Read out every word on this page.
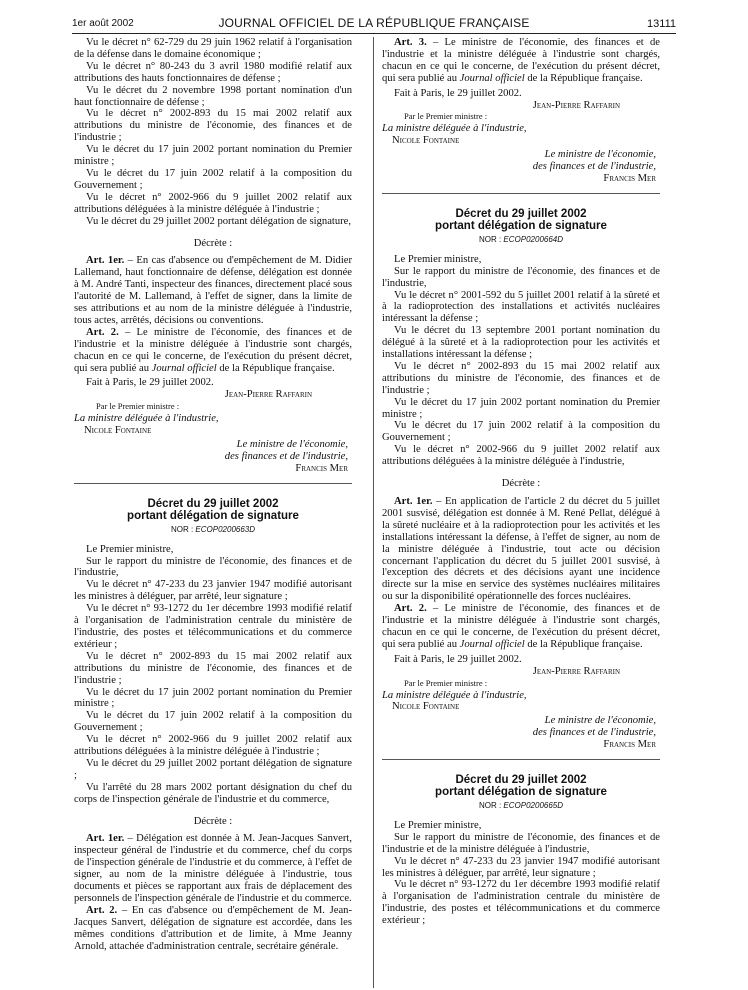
1er août 2002	JOURNAL OFFICIEL DE LA RÉPUBLIQUE FRANÇAISE	13111

Vu le décret n° 62-729 du 29 juin 1962 relatif à l'organisation de la défense dans le domaine économique ;

Vu le décret n° 80-243 du 3 avril 1980 modifié relatif aux attributions des hauts fonctionnaires de défense ;

Vu le décret du 2 novembre 1998 portant nomination d'un haut fonctionnaire de défense ;

Vu le décret n° 2002-893 du 15 mai 2002 relatif aux attributions du ministre de l'économie, des finances et de l'industrie ;

Vu le décret du 17 juin 2002 portant nomination du Premier ministre ;

Vu le décret du 17 juin 2002 relatif à la composition du Gouvernement ;

Vu le décret n° 2002-966 du 9 juillet 2002 relatif aux attributions déléguées à la ministre déléguée à l'industrie ;

Vu le décret du 29 juillet 2002 portant délégation de signature,

Décrète :

Art. 1er. – En cas d'absence ou d'empêchement de M. Didier Lallemand, haut fonctionnaire de défense, délégation est donnée à M. André Tanti, inspecteur des finances, directement placé sous l'autorité de M. Lallemand, à l'effet de signer, dans la limite de ses attributions et au nom de la ministre déléguée à l'industrie, tous actes, arrêtés, décisions ou conventions.

Art. 2. – Le ministre de l'économie, des finances et de l'industrie et la ministre déléguée à l'industrie sont chargés, chacun en ce qui le concerne, de l'exécution du présent décret, qui sera publié au Journal officiel de la République française.

Fait à Paris, le 29 juillet 2002.

Jean-Pierre Raffarin

Par le Premier ministre :

La ministre déléguée à l'industrie,

Nicole Fontaine

Le ministre de l'économie,
des finances et de l'industrie,
Francis Mer
Décret du 29 juillet 2002
portant délégation de signature
NOR : ECOP0200663D

Le Premier ministre,

Sur le rapport du ministre de l'économie, des finances et de l'industrie,

Vu le décret n° 47-233 du 23 janvier 1947 modifié autorisant les ministres à déléguer, par arrêté, leur signature ;

Vu le décret n° 93-1272 du 1er décembre 1993 modifié relatif à l'organisation de l'administration centrale du ministère de l'industrie, des postes et télécommunications et du commerce extérieur ;

Vu le décret n° 2002-893 du 15 mai 2002 relatif aux attributions du ministre de l'économie, des finances et de l'industrie ;

Vu le décret du 17 juin 2002 portant nomination du Premier ministre ;

Vu le décret du 17 juin 2002 relatif à la composition du Gouvernement ;

Vu le décret n° 2002-966 du 9 juillet 2002 relatif aux attributions déléguées à la ministre déléguée à l'industrie ;

Vu le décret du 29 juillet 2002 portant délégation de signature ;

Vu l'arrêté du 28 mars 2002 portant désignation du chef du corps de l'inspection générale de l'industrie et du commerce,

Décrète :

Art. 1er. – Délégation est donnée à M. Jean-Jacques Sanvert, inspecteur général de l'industrie et du commerce, chef du corps de l'inspection générale de l'industrie et du commerce, à l'effet de signer, au nom de la ministre déléguée à l'industrie, tous documents et pièces se rapportant aux frais de déplacement des personnels de l'inspection générale de l'industrie et du commerce.

Art. 2. – En cas d'absence ou d'empêchement de M. Jean-Jacques Sanvert, délégation de signature est accordée, dans les mêmes conditions d'attribution et de limite, à Mme Jeanny Arnold, attachée d'administration centrale, secrétaire générale.

Art. 3. – Le ministre de l'économie, des finances et de l'industrie et la ministre déléguée à l'industrie sont chargés, chacun en ce qui le concerne, de l'exécution du présent décret, qui sera publié au Journal officiel de la République française.

Fait à Paris, le 29 juillet 2002.

Jean-Pierre Raffarin

Par le Premier ministre :

La ministre déléguée à l'industrie,

Nicole Fontaine

Le ministre de l'économie,
des finances et de l'industrie,
Francis Mer
Décret du 29 juillet 2002
portant délégation de signature
NOR : ECOP0200664D

Le Premier ministre,

Sur le rapport du ministre de l'économie, des finances et de l'industrie,

Vu le décret n° 2001-592 du 5 juillet 2001 relatif à la sûreté et à la radioprotection des installations et activités nucléaires intéressant la défense ;

Vu le décret du 13 septembre 2001 portant nomination du délégué à la sûreté et à la radioprotection pour les activités et installations intéressant la défense ;

Vu le décret n° 2002-893 du 15 mai 2002 relatif aux attributions du ministre de l'économie, des finances et de l'industrie ;

Vu le décret du 17 juin 2002 portant nomination du Premier ministre ;

Vu le décret du 17 juin 2002 relatif à la composition du Gouvernement ;

Vu le décret n° 2002-966 du 9 juillet 2002 relatif aux attributions déléguées à la ministre déléguée à l'industrie,

Décrète :

Art. 1er. – En application de l'article 2 du décret du 5 juillet 2001 susvisé, délégation est donnée à M. René Pellat, délégué à la sûreté nucléaire et à la radioprotection pour les activités et les installations intéressant la défense, à l'effet de signer, au nom de la ministre déléguée à l'industrie, tout acte ou décision concernant l'application du décret du 5 juillet 2001 susvisé, à l'exception des décrets et des décisions ayant une incidence directe sur la mise en service des systèmes nucléaires militaires ou sur la disponibilité opérationnelle des forces nucléaires.

Art. 2. – Le ministre de l'économie, des finances et de l'industrie et la ministre déléguée à l'industrie sont chargés, chacun en ce qui le concerne, de l'exécution du présent décret, qui sera publié au Journal officiel de la République française.

Fait à Paris, le 29 juillet 2002.

Jean-Pierre Raffarin

Par le Premier ministre :

La ministre déléguée à l'industrie,

Nicole Fontaine

Le ministre de l'économie,
des finances et de l'industrie,
Francis Mer
Décret du 29 juillet 2002
portant délégation de signature
NOR : ECOP0200665D

Le Premier ministre,

Sur le rapport du ministre de l'économie, des finances et de l'industrie et de la ministre déléguée à l'industrie,

Vu le décret n° 47-233 du 23 janvier 1947 modifié autorisant les ministres à déléguer, par arrêté, leur signature ;

Vu le décret n° 93-1272 du 1er décembre 1993 modifié relatif à l'organisation de l'administration centrale du ministère de l'industrie, des postes et télécommunications et du commerce extérieur ;
